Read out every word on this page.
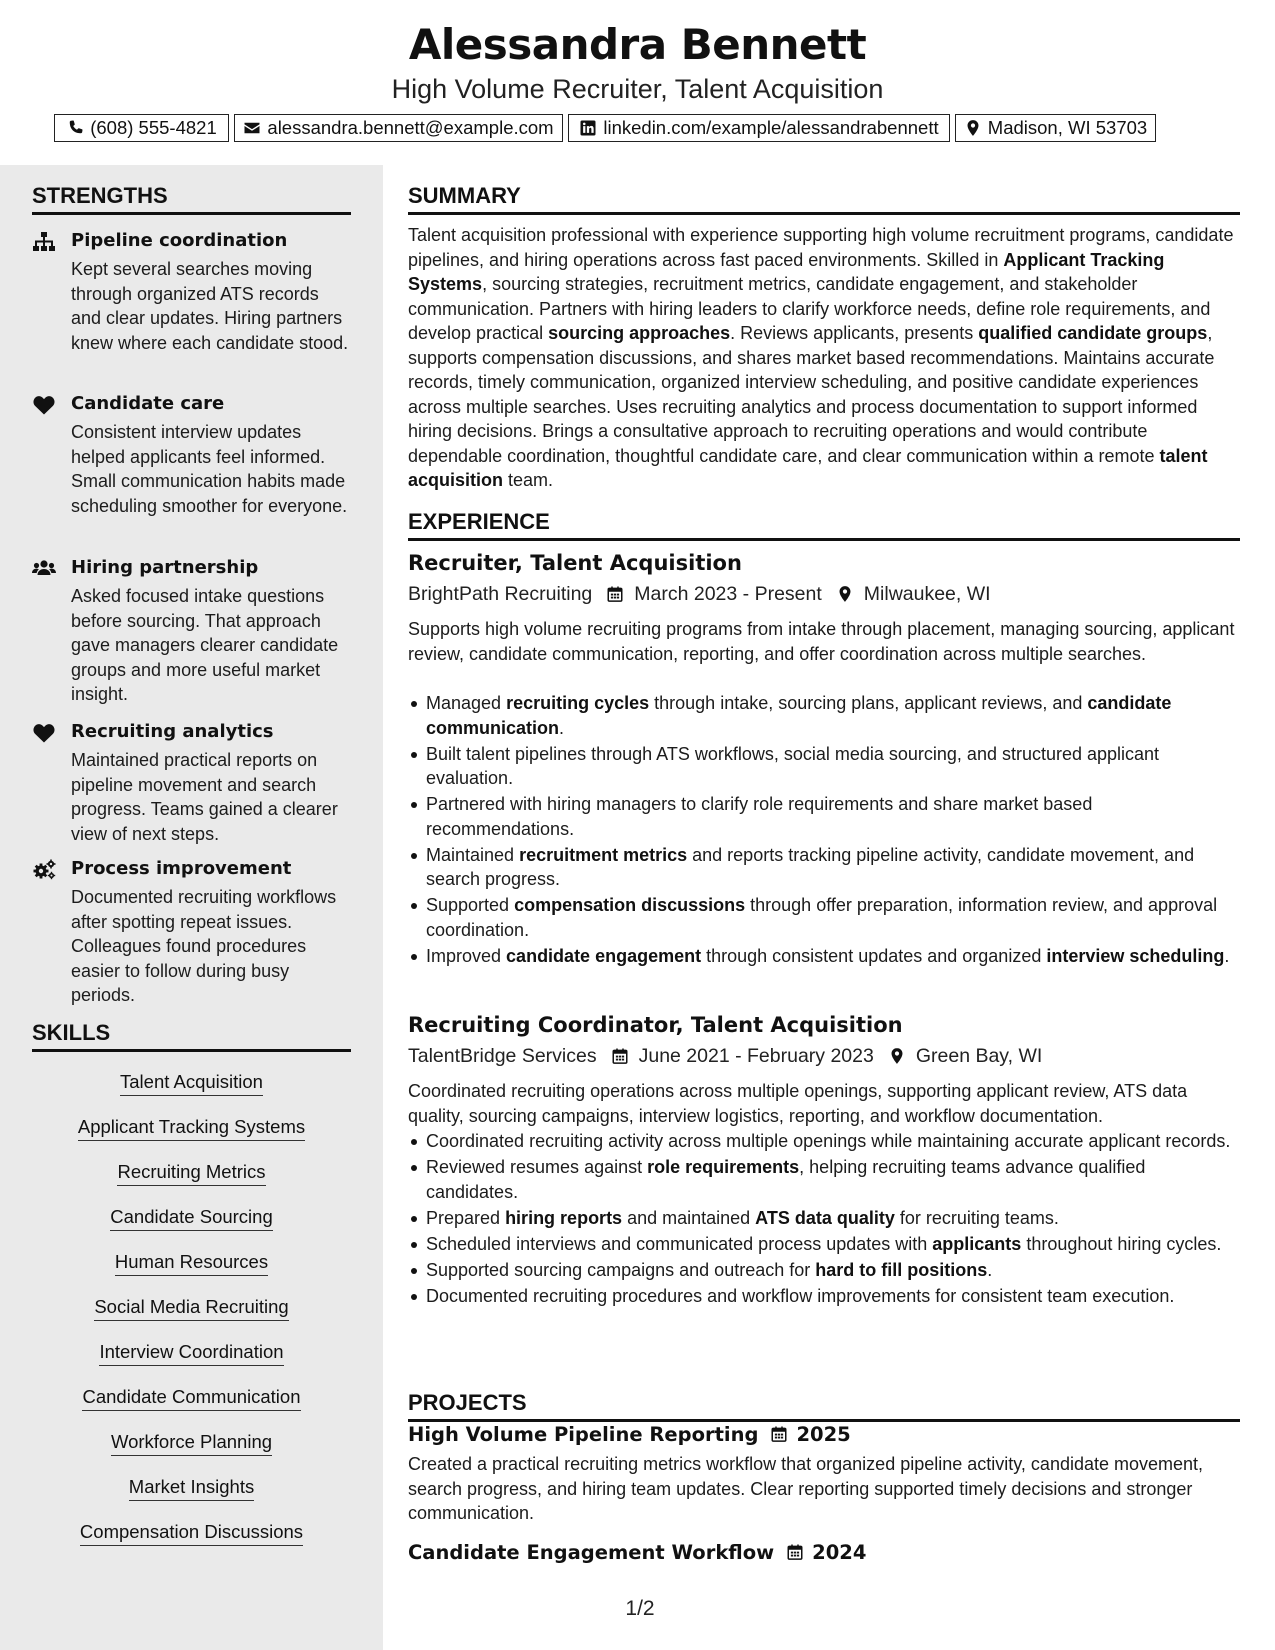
Alessandra Bennett
High Volume Recruiter, Talent Acquisition
(608) 555-4821	alessandra.bennett@example.com	linkedin.com/example/alessandrabennett	Madison, WI 53703
STRENGTHS
Pipeline coordination
Kept several searches moving through organized ATS records and clear updates. Hiring partners knew where each candidate stood.
Candidate care
Consistent interview updates helped applicants feel informed. Small communication habits made scheduling smoother for everyone.
Hiring partnership
Asked focused intake questions before sourcing. That approach gave managers clearer candidate groups and more useful market insight.
Recruiting analytics
Maintained practical reports on pipeline movement and search progress. Teams gained a clearer view of next steps.
Process improvement
Documented recruiting workflows after spotting repeat issues. Colleagues found procedures easier to follow during busy periods.
SKILLS
Talent Acquisition
Applicant Tracking Systems
Recruiting Metrics
Candidate Sourcing
Human Resources
Social Media Recruiting
Interview Coordination
Candidate Communication
Workforce Planning
Market Insights
Compensation Discussions
SUMMARY
Talent acquisition professional with experience supporting high volume recruitment programs, candidate pipelines, and hiring operations across fast paced environments. Skilled in Applicant Tracking Systems, sourcing strategies, recruitment metrics, candidate engagement, and stakeholder communication. Partners with hiring leaders to clarify workforce needs, define role requirements, and develop practical sourcing approaches. Reviews applicants, presents qualified candidate groups, supports compensation discussions, and shares market based recommendations. Maintains accurate records, timely communication, organized interview scheduling, and positive candidate experiences across multiple searches. Uses recruiting analytics and process documentation to support informed hiring decisions. Brings a consultative approach to recruiting operations and would contribute dependable coordination, thoughtful candidate care, and clear communication within a remote talent acquisition team.
EXPERIENCE
Recruiter, Talent Acquisition
BrightPath Recruiting March 2023 - Present Milwaukee, WI
Supports high volume recruiting programs from intake through placement, managing sourcing, applicant review, candidate communication, reporting, and offer coordination across multiple searches.
Managed recruiting cycles through intake, sourcing plans, applicant reviews, and candidate communication.
Built talent pipelines through ATS workflows, social media sourcing, and structured applicant evaluation.
Partnered with hiring managers to clarify role requirements and share market based recommendations.
Maintained recruitment metrics and reports tracking pipeline activity, candidate movement, and search progress.
Supported compensation discussions through offer preparation, information review, and approval coordination.
Improved candidate engagement through consistent updates and organized interview scheduling.
Recruiting Coordinator, Talent Acquisition
TalentBridge Services June 2021 - February 2023 Green Bay, WI
Coordinated recruiting operations across multiple openings, supporting applicant review, ATS data quality, sourcing campaigns, interview logistics, reporting, and workflow documentation.
Coordinated recruiting activity across multiple openings while maintaining accurate applicant records.
Reviewed resumes against role requirements, helping recruiting teams advance qualified candidates.
Prepared hiring reports and maintained ATS data quality for recruiting teams.
Scheduled interviews and communicated process updates with applicants throughout hiring cycles.
Supported sourcing campaigns and outreach for hard to fill positions.
Documented recruiting procedures and workflow improvements for consistent team execution.
PROJECTS
High Volume Pipeline Reporting 2025
Created a practical recruiting metrics workflow that organized pipeline activity, candidate movement, search progress, and hiring team updates. Clear reporting supported timely decisions and stronger communication.
Candidate Engagement Workflow 2024
1/2
